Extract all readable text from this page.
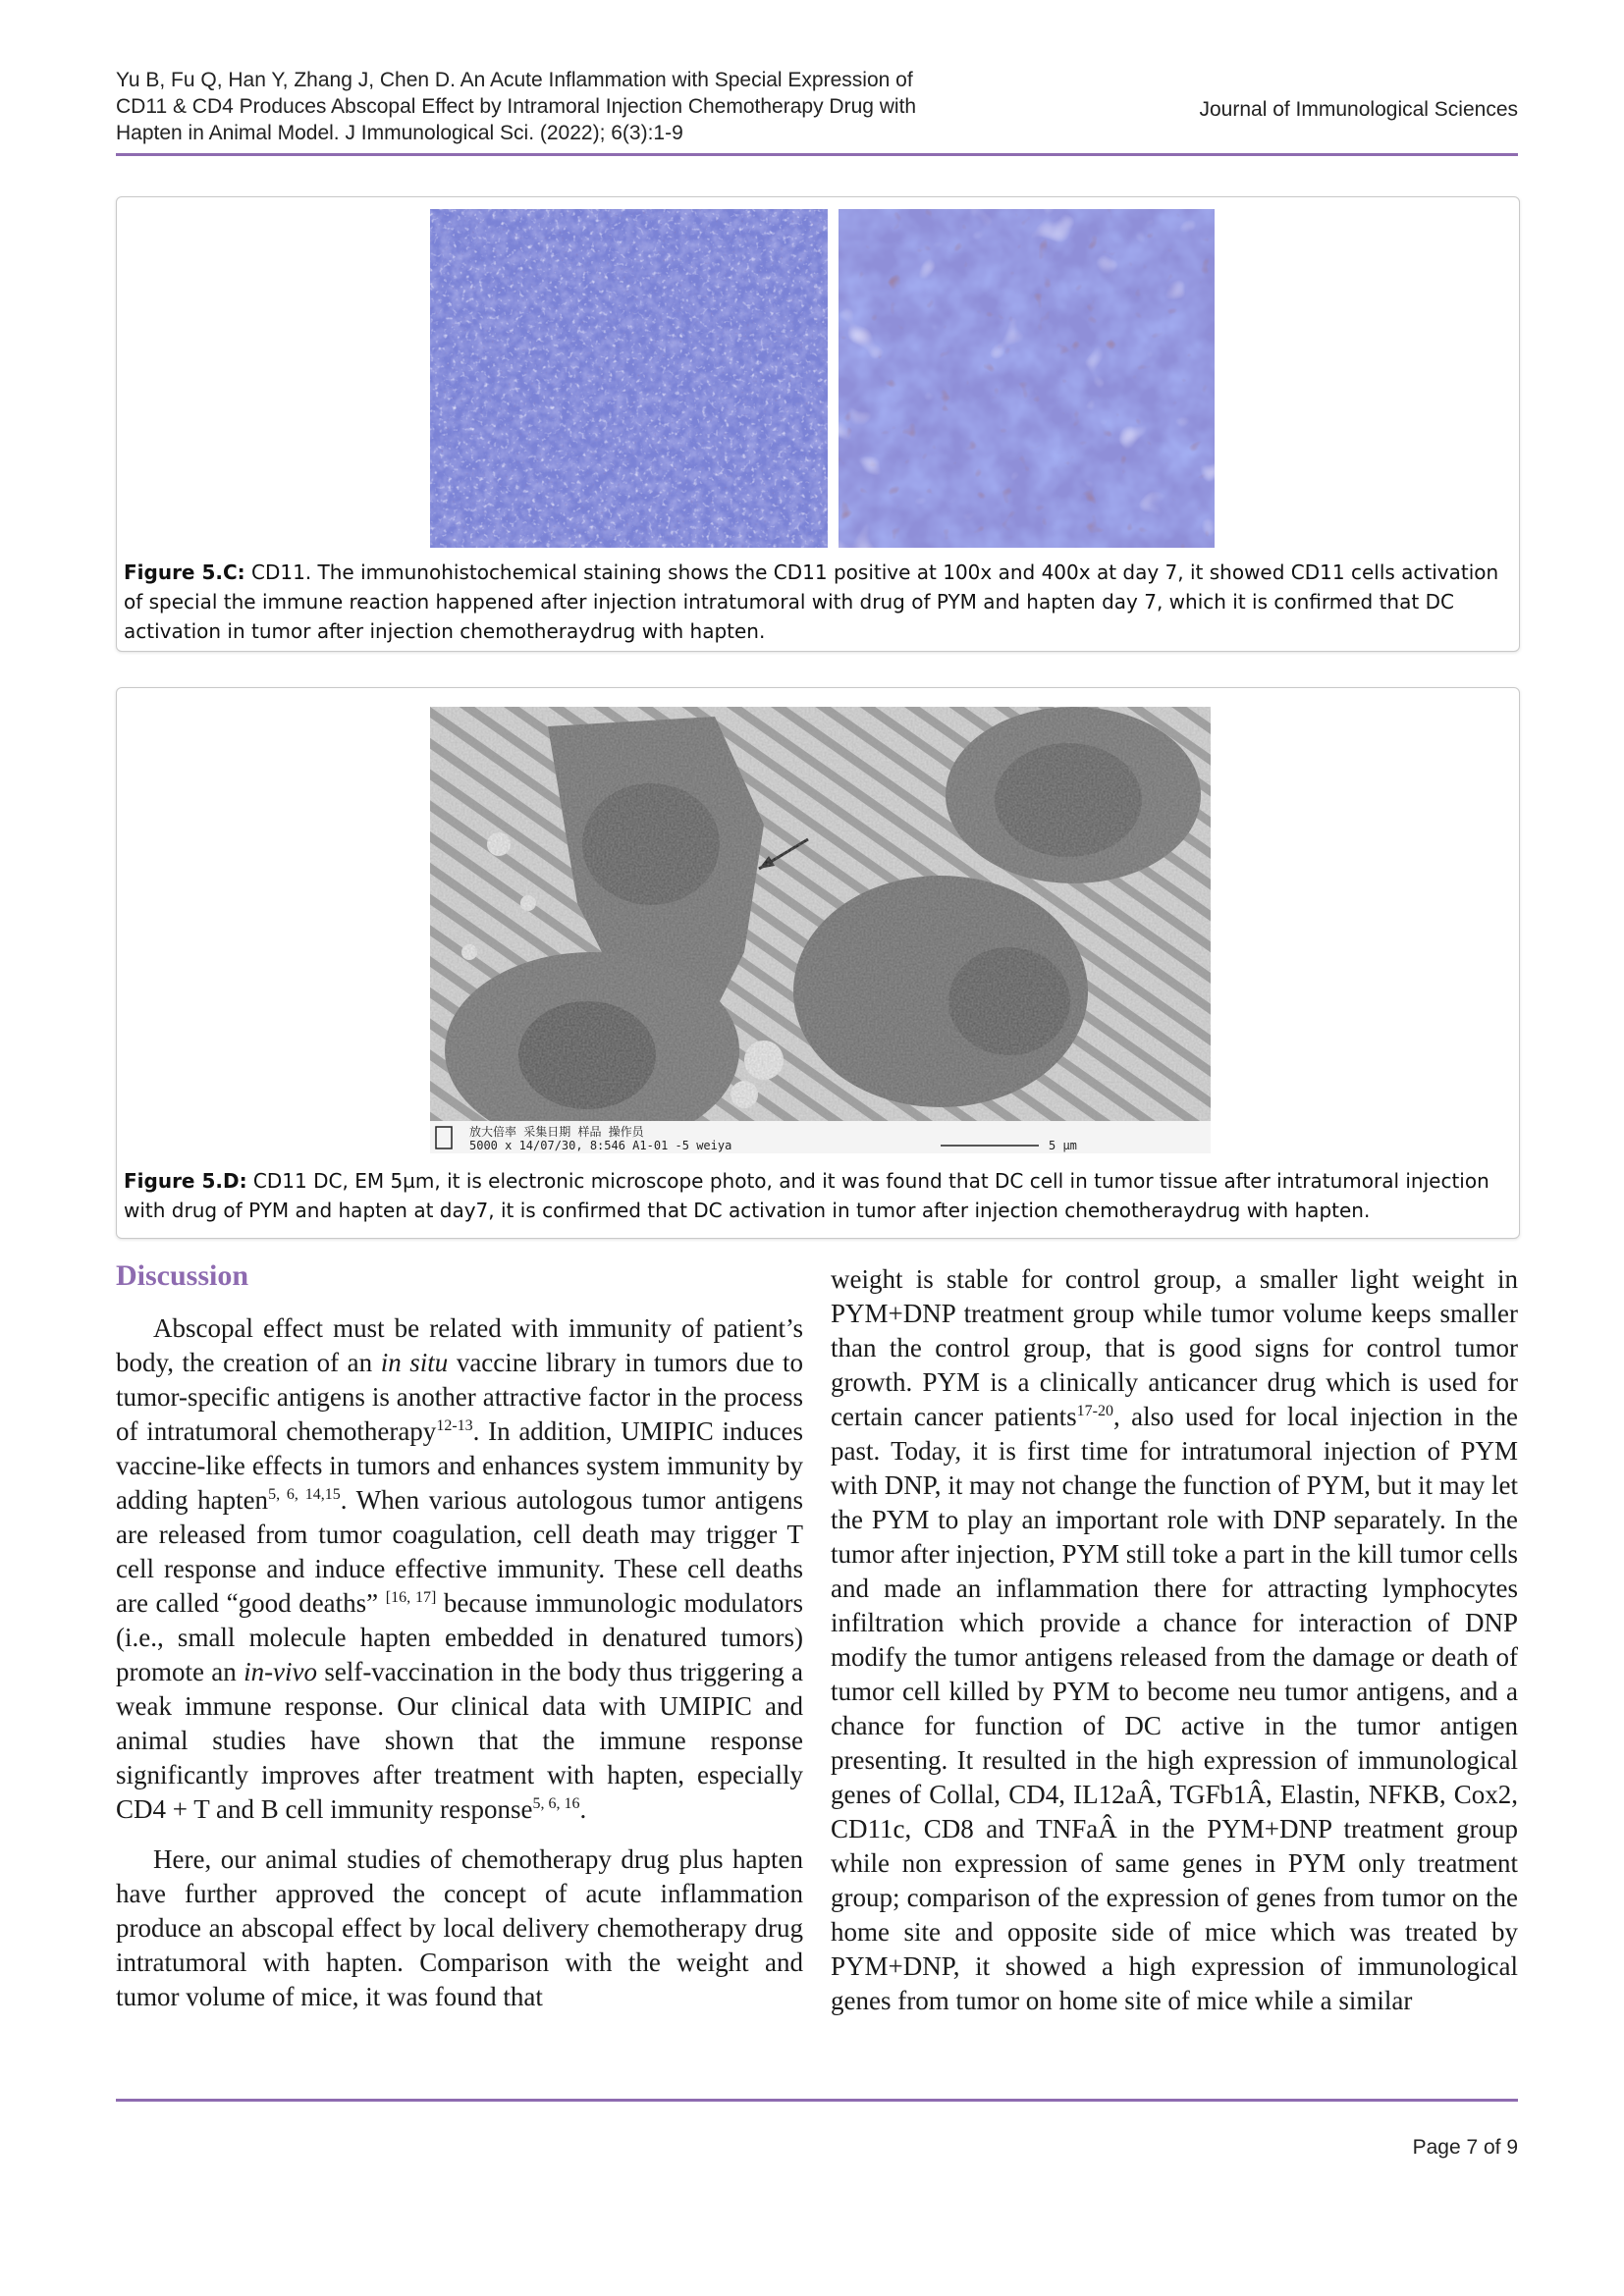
Yu B, Fu Q, Han Y, Zhang J, Chen D. An Acute Inflammation with Special Expression of
CD11 & CD4 Produces Abscopal Effect by Intramoral Injection Chemotherapy Drug with
Hapten in Animal Model. J Immunological Sci. (2022); 6(3):1-9
Journal of Immunological Sciences
Figure 5.C: CD11. The immunohistochemical staining shows the CD11 positive at 100x and 400x at day 7, it showed CD11 cells activation of special the immune reaction happened after injection intratumoral with drug of PYM and hapten day 7, which it is confirmed that DC activation in tumor after injection chemotheraydrug with hapten.
放大倍率 采集日期 样品 操作员
5000 x 14/07/30, 8:546 A1-01 -5 weiya	5 µm
Figure 5.D: CD11 DC, EM 5µm, it is electronic microscope photo, and it was found that DC cell in tumor tissue after intratumoral injection with drug of PYM and hapten at day7, it is confirmed that DC activation in tumor after injection chemotheraydrug with hapten.
Discussion

Abscopal effect must be related with immunity of patient’s body, the creation of an in situ vaccine library in tumors due to tumor-specific antigens is another attractive factor in the process of intratumoral chemotherapy$^{12-13}$. In addition, UMIPIC induces vaccine-like effects in tumors and enhances system immunity by adding hapten$^{5, 6, 14,15}$. When various autologous tumor antigens are released from tumor coagulation, cell death may trigger T cell response and induce effective immunity. These cell deaths are called “good deaths” [16, 17] because immunologic modulators (i.e., small molecule hapten embedded in denatured tumors) promote an in-vivo self-vaccination in the body thus triggering a weak immune response. Our clinical data with UMIPIC and animal studies have shown that the immune response significantly improves after treatment with hapten, especially CD4 + T and B cell immunity response$^{5, 6, 16}$.

Here, our animal studies of chemotherapy drug plus hapten have further approved the concept of acute inflammation produce an abscopal effect by local delivery chemotherapy drug intratumoral with hapten. Comparison with the weight and tumor volume of mice, it was found that

weight is stable for control group, a smaller light weight in PYM+DNP treatment group while tumor volume keeps smaller than the control group, that is good signs for control tumor growth. PYM is a clinically anticancer drug which is used for certain cancer patients$^{17-20}$, also used for local injection in the past. Today, it is first time for intratumoral injection of PYM with DNP, it may not change the function of PYM, but it may let the PYM to play an important role with DNP separately. In the tumor after injection, PYM still toke a part in the kill tumor cells and made an inflammation there for attracting lymphocytes infiltration which provide a chance for interaction of DNP modify the tumor antigens released from the damage or death of tumor cell killed by PYM to become neu tumor antigens, and a chance for function of DC active in the tumor antigen presenting. It resulted in the high expression of immunological genes of Collal, CD4, IL12aÂ, TGFb1Â, Elastin, NFKB, Cox2, CD11c, CD8 and TNFaÂ in the PYM+DNP treatment group while non expression of same genes in PYM only treatment group; comparison of the expression of genes from tumor on the home site and opposite side of mice which was treated by PYM+DNP, it showed a high expression of immunological genes from tumor on home site of mice while a similar

Page 7 of 9
